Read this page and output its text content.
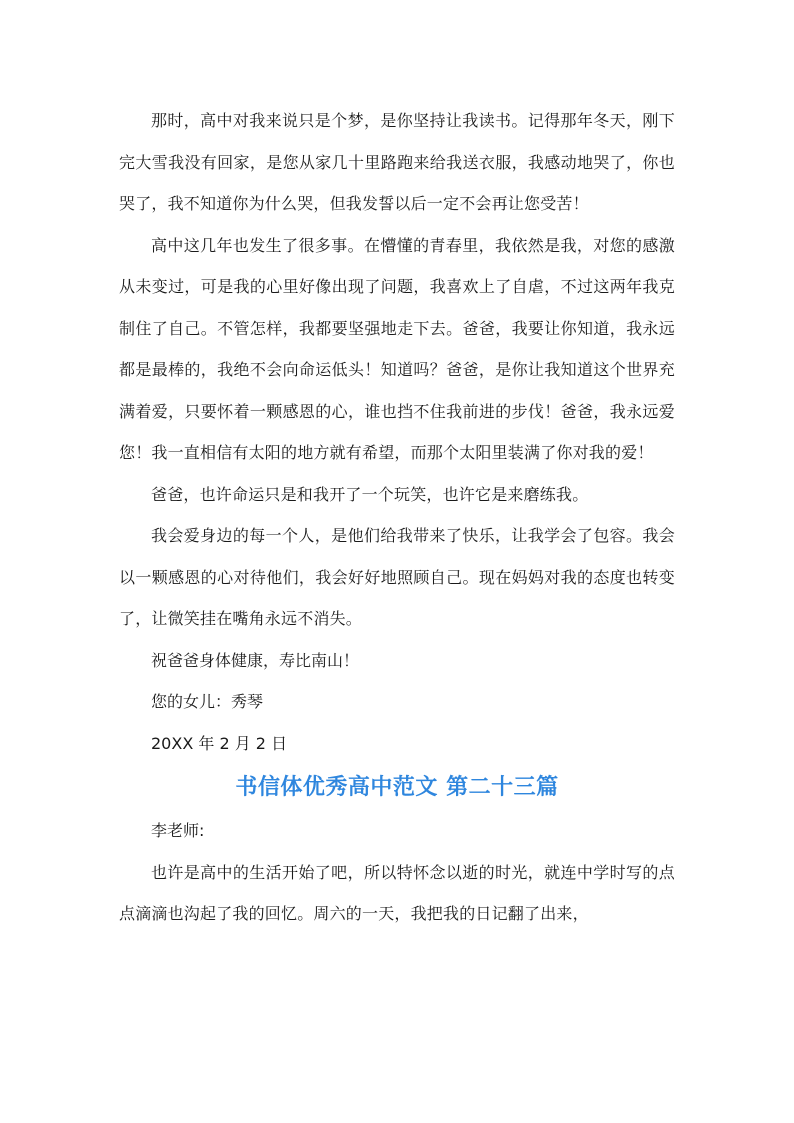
那时，高中对我来说只是个梦，是你坚持让我读书。记得那年冬天，刚下完大雪我没有回家，是您从家几十里路跑来给我送衣服，我感动地哭了，你也哭了，我不知道你为什么哭，但我发誓以后一定不会再让您受苦！

高中这几年也发生了很多事。在懵懂的青春里，我依然是我，对您的感激从未变过，可是我的心里好像出现了问题，我喜欢上了自虐，不过这两年我克制住了自己。不管怎样，我都要坚强地走下去。爸爸，我要让你知道，我永远都是最棒的，我绝不会向命运低头！知道吗？爸爸，是你让我知道这个世界充满着爱，只要怀着一颗感恩的心，谁也挡不住我前进的步伐！爸爸，我永远爱您！我一直相信有太阳的地方就有希望，而那个太阳里装满了你对我的爱！

爸爸，也许命运只是和我开了一个玩笑，也许它是来磨练我。

我会爱身边的每一个人，是他们给我带来了快乐，让我学会了包容。我会以一颗感恩的心对待他们，我会好好地照顾自己。现在妈妈对我的态度也转变了，让微笑挂在嘴角永远不消失。

祝爸爸身体健康，寿比南山！

您的女儿：秀琴

20XX 年 2 月 2 日

书信体优秀高中范文 第二十三篇

李老师:

也许是高中的生活开始了吧，所以特怀念以逝的时光，就连中学时写的点点滴滴也沟起了我的回忆。周六的一天，我把我的日记翻了出来，
